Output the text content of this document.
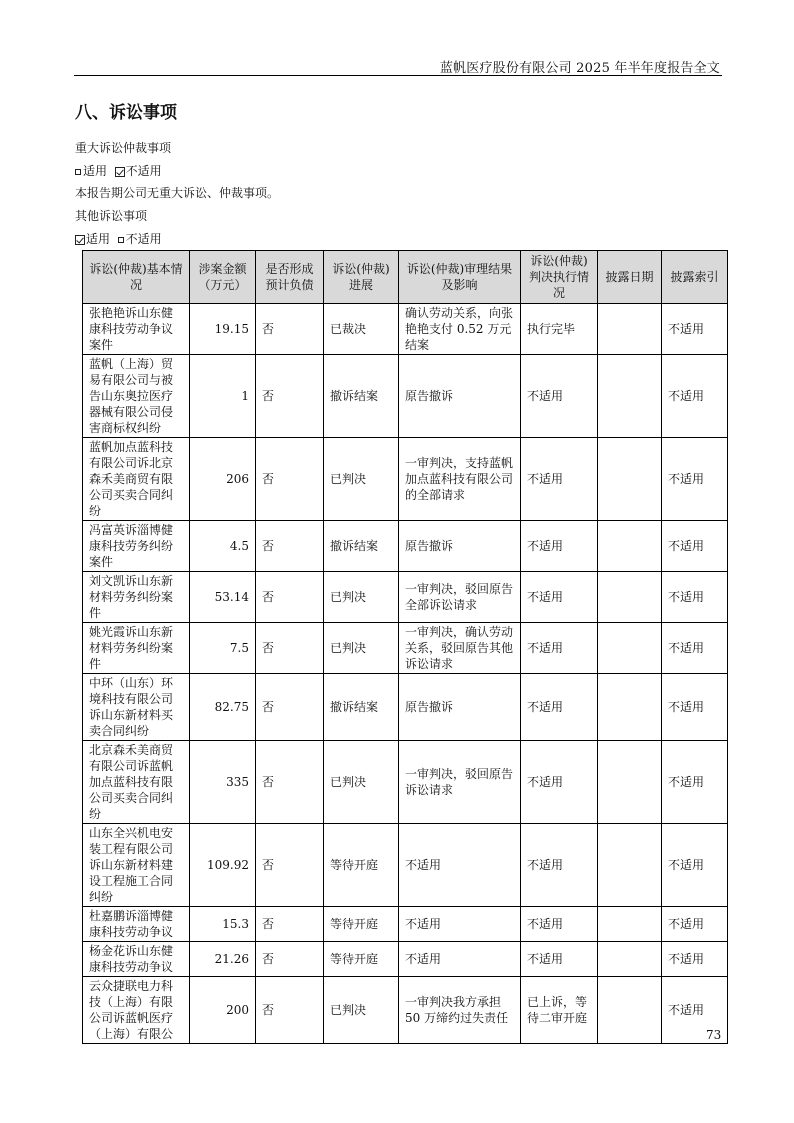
蓝帆医疗股份有限公司 2025 年半年度报告全文
八、诉讼事项
重大诉讼仲裁事项
适用 不适用
本报告期公司无重大诉讼、仲裁事项。
其他诉讼事项
适用 不适用
诉讼(仲裁)基本情况	涉案金额（万元）	是否形成预计负债	诉讼(仲裁)进展	诉讼(仲裁)审理结果及影响	诉讼(仲裁)判决执行情况	披露日期	披露索引
张艳艳诉山东健康科技劳动争议案件	19.15	否	已裁决	确认劳动关系，向张艳艳支付 0.52 万元结案	执行完毕		不适用
蓝帆（上海）贸易有限公司与被告山东奥拉医疗器械有限公司侵害商标权纠纷	1	否	撤诉结案	原告撤诉	不适用		不适用
蓝帆加点蓝科技有限公司诉北京森禾美商贸有限公司买卖合同纠纷	206	否	已判决	一审判决，支持蓝帆加点蓝科技有限公司的全部请求	不适用		不适用
冯富英诉淄博健康科技劳务纠纷案件	4.5	否	撤诉结案	原告撤诉	不适用		不适用
刘文凯诉山东新材料劳务纠纷案件	53.14	否	已判决	一审判决，驳回原告全部诉讼请求	不适用		不适用
姚光霞诉山东新材料劳务纠纷案件	7.5	否	已判决	一审判决，确认劳动关系，驳回原告其他诉讼请求	不适用		不适用
中环（山东）环境科技有限公司诉山东新材料买卖合同纠纷	82.75	否	撤诉结案	原告撤诉	不适用		不适用
北京森禾美商贸有限公司诉蓝帆加点蓝科技有限公司买卖合同纠纷	335	否	已判决	一审判决，驳回原告诉讼请求	不适用		不适用
山东全兴机电安装工程有限公司诉山东新材料建设工程施工合同纠纷	109.92	否	等待开庭	不适用	不适用		不适用
杜嘉鹏诉淄博健康科技劳动争议	15.3	否	等待开庭	不适用	不适用		不适用
杨金花诉山东健康科技劳动争议	21.26	否	等待开庭	不适用	不适用		不适用
云众捷联电力科技（上海）有限公司诉蓝帆医疗（上海）有限公	200	否	已判决	一审判决我方承担 50 万缔约过失责任	已上诉，等待二审开庭		不适用
73
